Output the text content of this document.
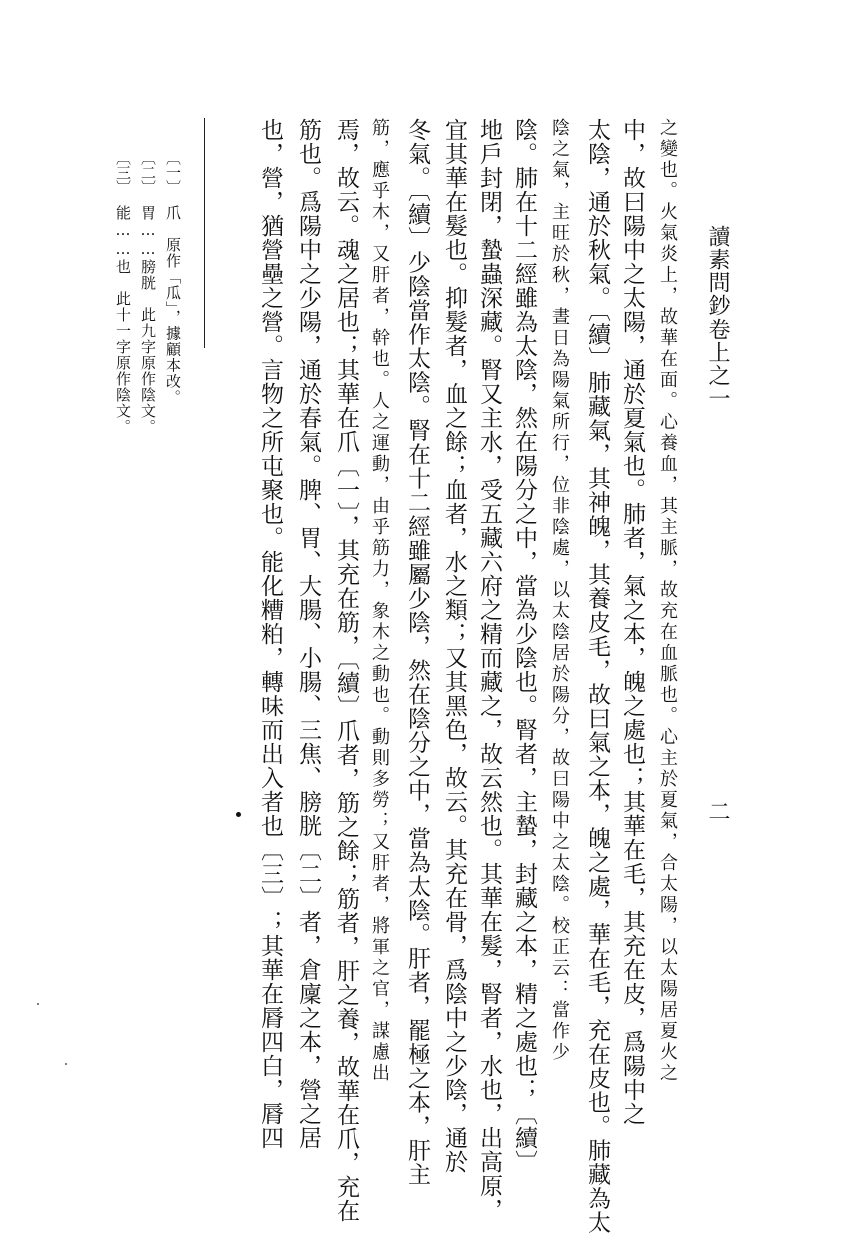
讀素問鈔
卷上之一
二
之變也。火氣炎上，故華在面。心養血，其主脈，故充在血脈也。心主於夏氣，合太陽，以太陽居夏火之
中，故曰陽中之太陽，通於夏氣也。肺者，氣之本，魄之處也；其華在毛，其充在皮，爲陽中之
太陰，通於秋氣。〔續〕肺藏氣，其神魄，其養皮毛，故曰氣之本，魄之處，華在毛，充在皮也。肺藏為太
陰之氣，主旺於秋，晝日為陽氣所行，位非陰處，以太陰居於陽分，故曰陽中之太陰。校正云：當作少
陰。肺在十二經雖為太陰，然在陽分之中，當為少陰也。腎者，主蟄，封藏之本，精之處也；〔續〕
地戶封閉，蟄蟲深藏。腎又主水，受五藏六府之精而藏之，故云然也。其華在髮，腎者，水也，出高原，
宜其華在髮也。抑髮者，血之餘；血者，水之類；又其黑色，故云。其充在骨，爲陰中之少陰，通於
冬氣。〔續〕少陰當作太陰。腎在十二經雖屬少陰，然在陰分之中，當為太陰。肝者，罷極之本，肝主
筋，應乎木，又肝者，幹也。人之運動，由乎筋力，象木之動也。動則多勞；又肝者，將軍之官，謀慮出
焉，故云。魂之居也；其華在爪〔一〕，其充在筋，〔續〕爪者，筋之餘；筋者，肝之養，故華在爪，充在
筋也。爲陽中之少陽，通於春氣。脾、胃、大腸、小腸、三焦、膀胱〔二〕者，倉廩之本，營之居
也，營，猶營壘之營。言物之所屯聚也。能化糟粕，轉味而出入者也〔三〕；其華在脣四白，脣四
〔一〕
爪　原作「瓜」，據顧本改。
〔二〕
胃……膀胱　此九字原作陰文。
〔三〕
能……也　此十一字原作陰文。
